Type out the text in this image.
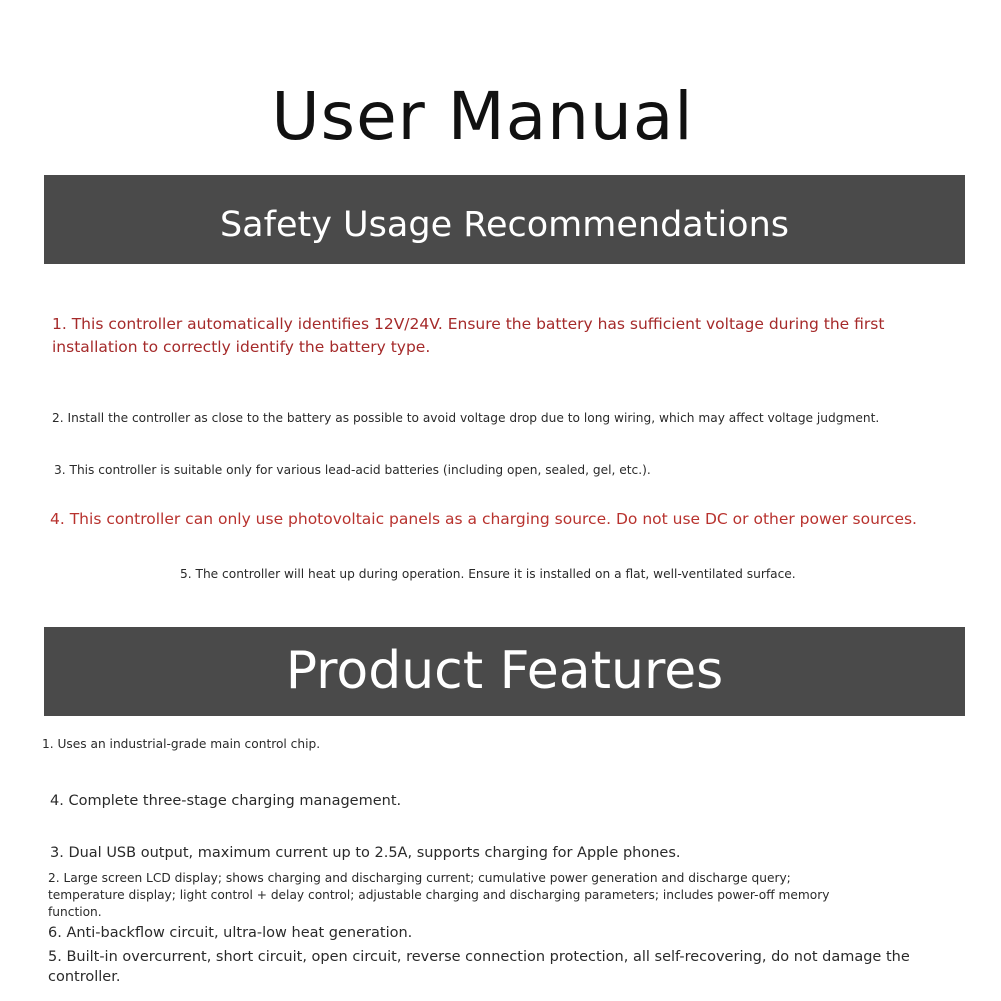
User Manual
Safety Usage Recommendations
1. This controller automatically identifies 12V/24V. Ensure the battery has sufficient voltage during the first
installation to correctly identify the battery type.
2. Install the controller as close to the battery as possible to avoid voltage drop due to long wiring, which may affect voltage judgment.
3. This controller is suitable only for various lead-acid batteries (including open, sealed, gel, etc.).
4. This controller can only use photovoltaic panels as a charging source. Do not use DC or other power sources.
5. The controller will heat up during operation. Ensure it is installed on a flat, well-ventilated surface.
Product Features
1. Uses an industrial-grade main control chip.
4. Complete three-stage charging management.
3. Dual USB output, maximum current up to 2.5A, supports charging for Apple phones.
2. Large screen LCD display; shows charging and discharging current; cumulative power generation and discharge query;
temperature display; light control + delay control; adjustable charging and discharging parameters; includes power-off memory
function.
6. Anti-backflow circuit, ultra-low heat generation.
5. Built-in overcurrent, short circuit, open circuit, reverse connection protection, all self-recovering, do not damage the
controller.
